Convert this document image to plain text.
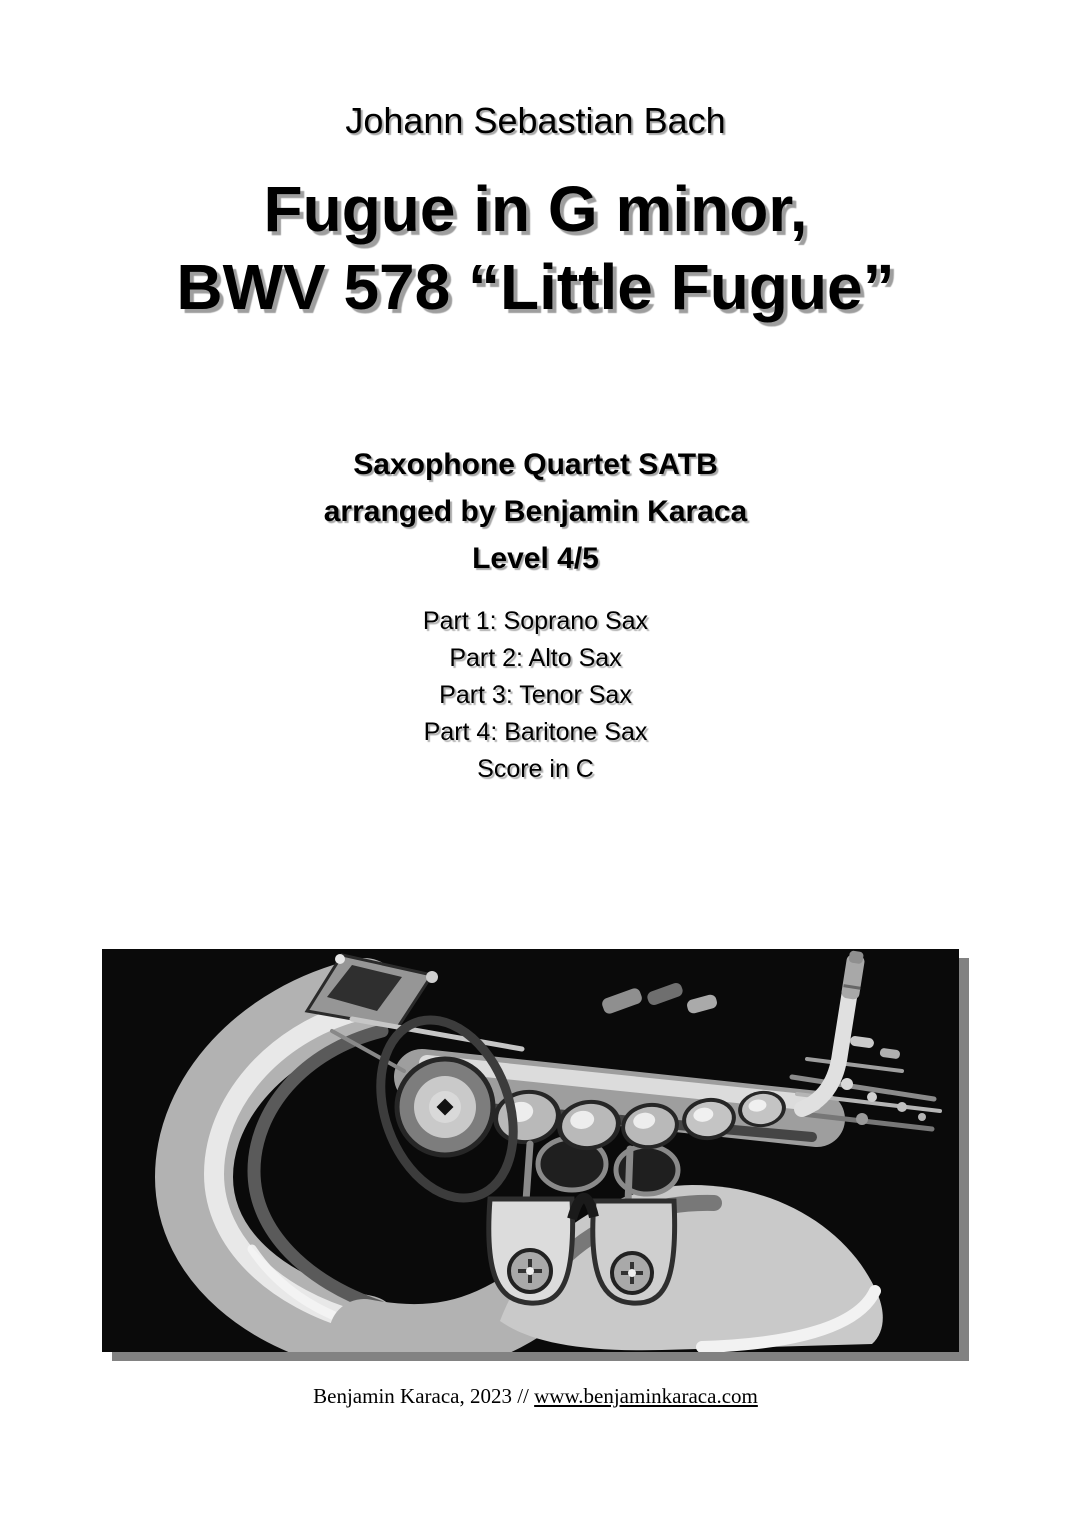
Johann Sebastian Bach
Fugue in G minor,
BWV 578 “Little Fugue”
Saxophone Quartet SATB
arranged by Benjamin Karaca
Level 4/5
Part 1: Soprano Sax
Part 2: Alto Sax
Part 3: Tenor Sax
Part 4: Baritone Sax
Score in C
Benjamin Karaca, 2023 // www.benjaminkaraca.com
